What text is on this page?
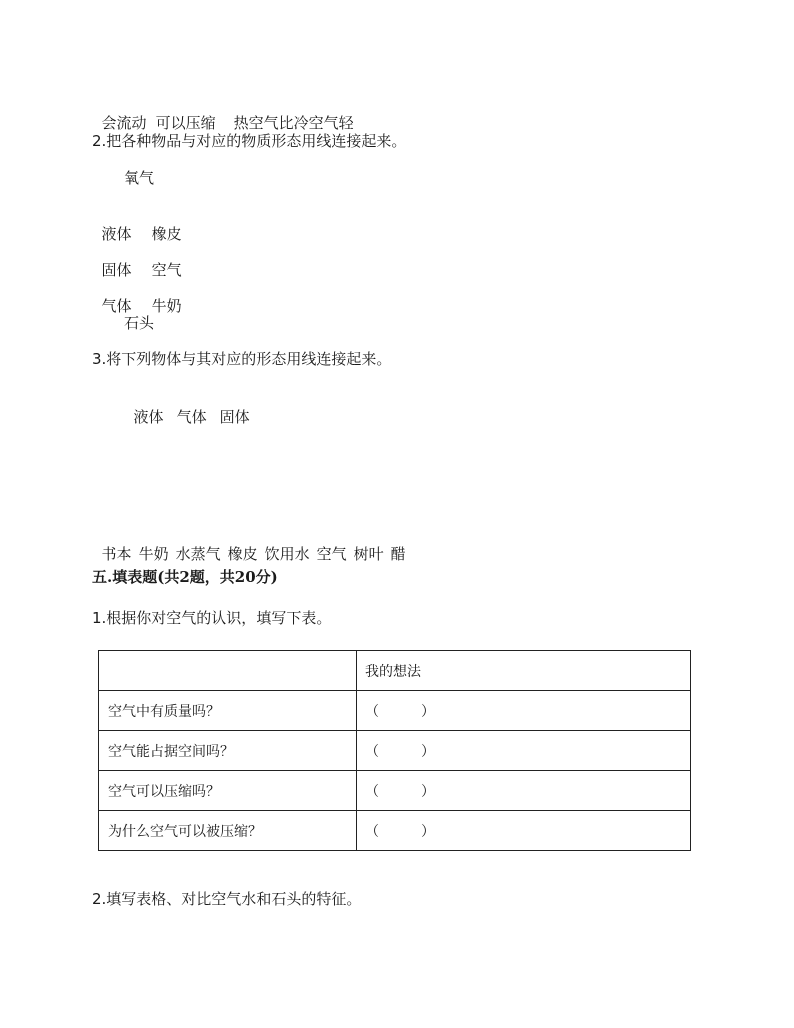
会流动 可以压缩 热空气比冷空气轻

2.把各种物品与对应的物质形态用线连接起来。
氧气

液体 橡皮

固体 空气

气体 牛奶

石头
3.将下列物体与其对应的形态用线连接起来。

液体 气体 固体

书本 牛奶 水蒸气 橡皮 饮用水 空气 树叶 醋

五.填表题(共2题，共20分)
1.根据你对空气的认识，填写下表。
	我的想法
空气中有质量吗？	（ ）
空气能占据空间吗？	（ ）
空气可以压缩吗？	（ ）
为什么空气可以被压缩？	（ ）
2.填写表格、对比空气水和石头的特征。
